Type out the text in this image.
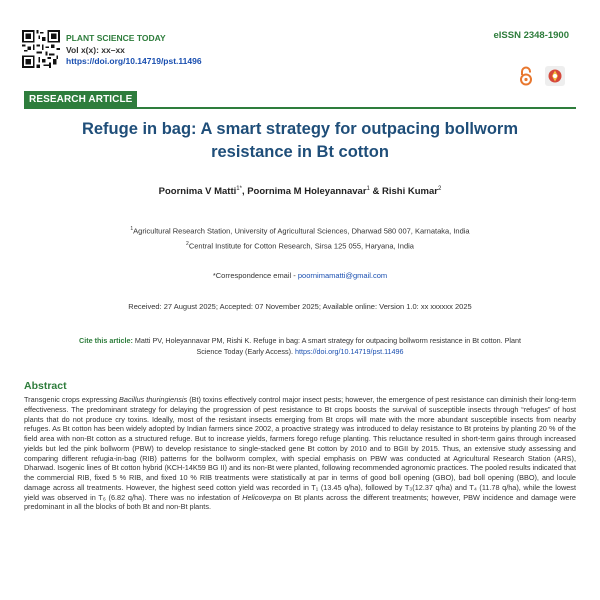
PLANT SCIENCE TODAY
Vol x(x): xx–xx
https://doi.org/10.14719/pst.11496
eISSN 2348-1900
RESEARCH ARTICLE
Refuge in bag: A smart strategy for outpacing bollworm
resistance in Bt cotton
Poornima V Matti$^{1*}$, Poornima M Holeyannavar$^1$ & Rishi Kumar$^2$
$^1$Agricultural Research Station, University of Agricultural Sciences, Dharwad 580 007, Karnataka, India
$^2$Central Institute for Cotton Research, Sirsa 125 055, Haryana, India
*Correspondence email - poornimamatti@gmail.com
Received: 27 August 2025; Accepted: 07 November 2025; Available online: Version 1.0: xx xxxxxx 2025
Cite this article: Matti PV, Holeyannavar PM, Rishi K. Refuge in bag: A smart strategy for outpacing bollworm resistance in Bt cotton. Plant Science Today (Early Access). https://doi.org/10.14719/pst.11496
Abstract
Transgenic crops expressing Bacillus thuringiensis (Bt) toxins effectively control major insect pests; however, the emergence of pest resistance can diminish their long-term effectiveness. The predominant strategy for delaying the progression of pest resistance to Bt crops boosts the survival of susceptible insects through “refuges” of host plants that do not produce cry toxins. Ideally, most of the resistant insects emerging from Bt crops will mate with the more abundant susceptible insects from nearby refuges. As Bt cotton has been widely adopted by Indian farmers since 2002, a proactive strategy was introduced to delay resistance to Bt proteins by planting 20 % of the field area with non-Bt cotton as a structured refuge. But to increase yields, farmers forego refuge planting. This reluctance resulted in short-term gains through increased yields but led the pink bollworm (PBW) to develop resistance to single-stacked gene Bt cotton by 2010 and to BGII by 2015. Thus, an extensive study assessing and comparing different refugia-in-bag (RIB) patterns for the bollworm complex, with special emphasis on PBW was conducted at Agricultural Research Station (ARS), Dharwad. Isogenic lines of Bt cotton hybrid (KCH-14K59 BG II) and its non-Bt were planted, following recommended agronomic practices. The pooled results indicated that the commercial RIB, fixed 5 % RIB, and fixed 10 % RIB treatments were statistically at par in terms of good boll opening (GBO), bad boll opening (BBO), and locule damage across all treatments. However, the highest seed cotton yield was recorded in T₁ (13.45 q/ha), followed by T₃(12.37 q/ha) and T₄ (11.78 q/ha), while the lowest yield was observed in T₆ (6.82 q/ha). There was no infestation of Helicoverpa on Bt plants across the different treatments; however, PBW incidence and damage were predominant in all the blocks of both Bt and non-Bt plants.
